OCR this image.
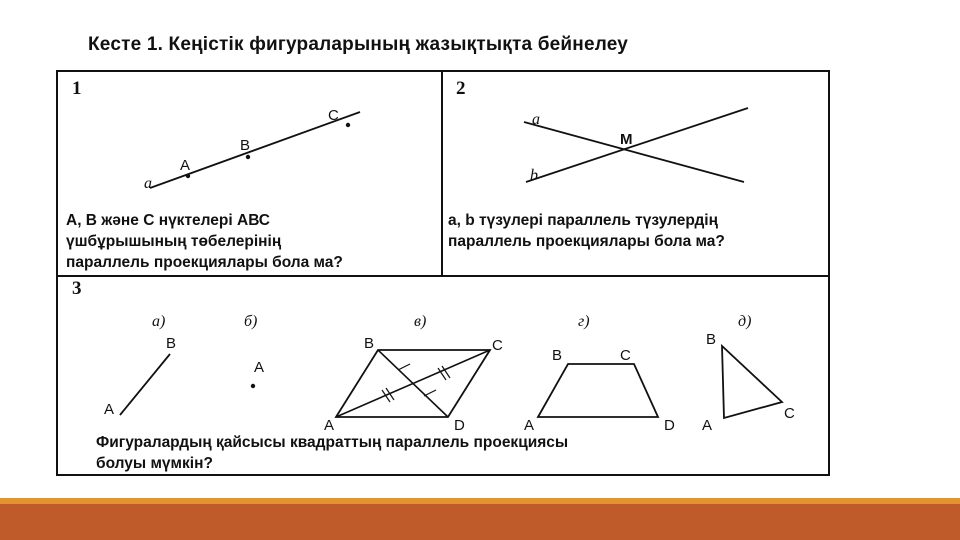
Кесте 1. Кеңістік фигураларының жазықтықта бейнелеу
1	2
3
А, В және С нүктелері АВС
үшбұрышының төбелерінің
параллель проекциялары бола ма?
a, b түзулері параллель түзулердің
параллель проекциялары бола ма?
Фигуралардың қайсысы квадраттың параллель проекциясы
болуы мүмкін?
a
A
B
C	a
b
M
а)	б)	в)	г)	д)
A
B
A
A
B	C
D	A
B	C
D
B
A
C
